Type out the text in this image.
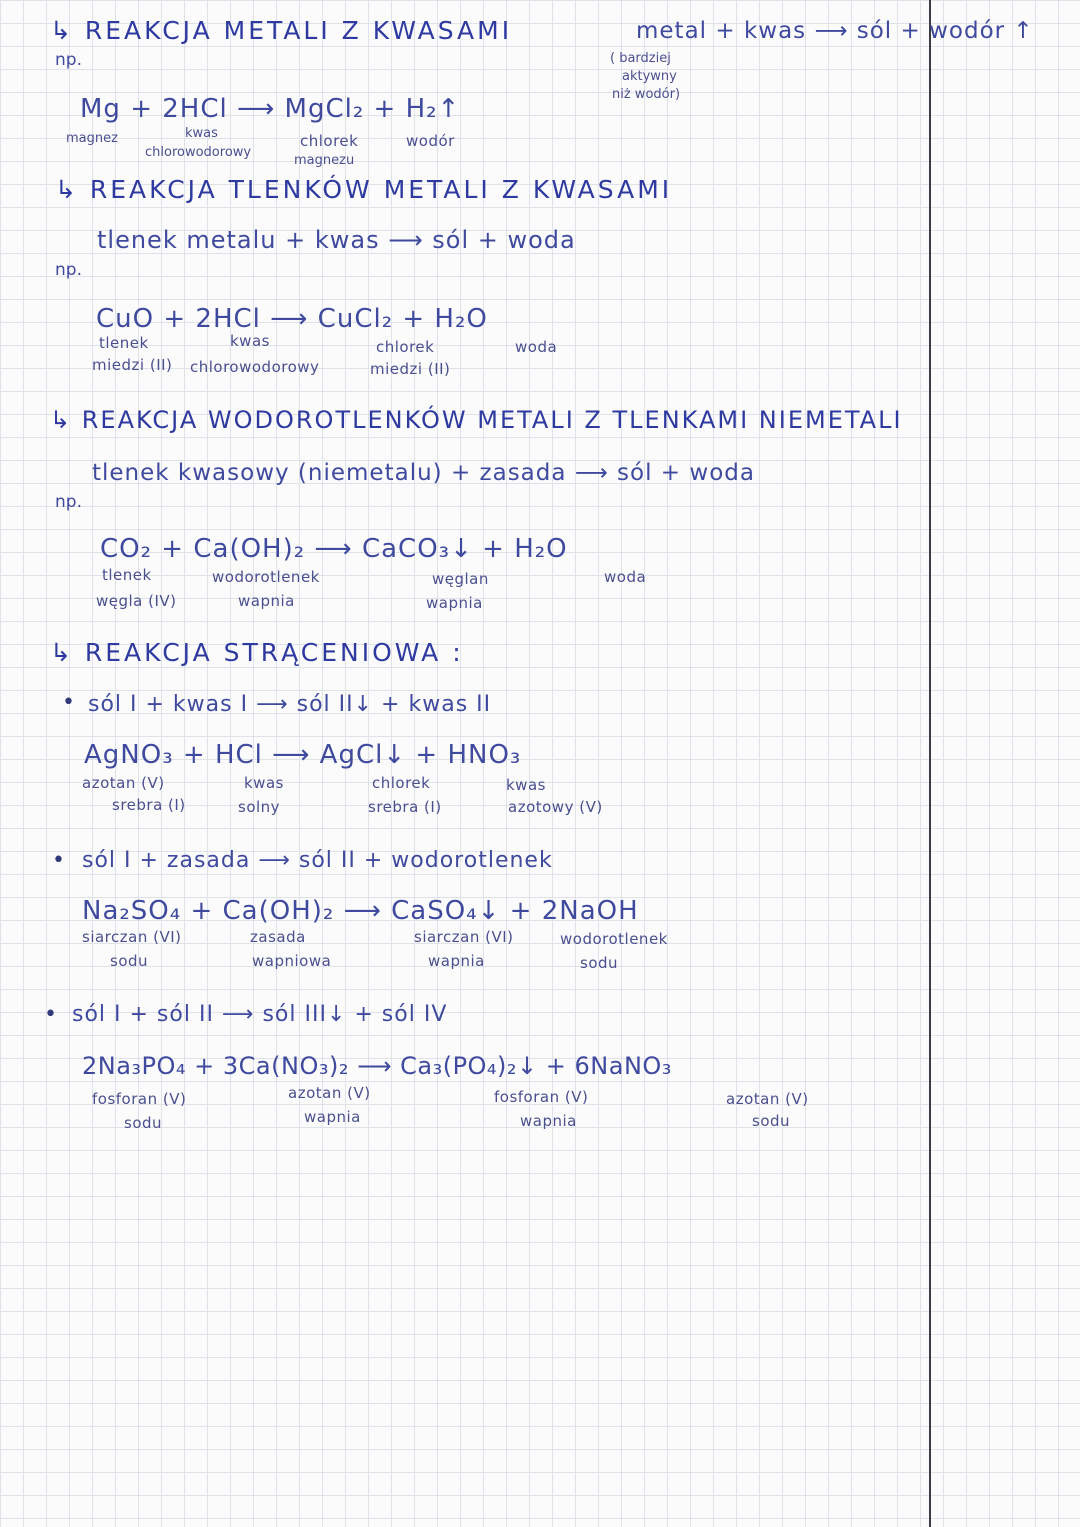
↳ REAKCJA METALI Z KWASAMI	metal + kwas ⟶ sól + wodór ↑
( bardziej
aktywny
niż wodór)
np.
Mg + 2HCl ⟶ MgCl₂ + H₂↑
magnez	kwas
chlorowodorowy
chlorek
magnezu
wodór
↳ REAKCJA TLENKÓW METALI Z KWASAMI
tlenek metalu + kwas ⟶ sól + woda
np.
CuO + 2HCl ⟶ CuCl₂ + H₂O
tlenek
miedzi (II)
kwas
chlorowodorowy
chlorek
miedzi (II)
woda
↳ REAKCJA WODOROTLENKÓW METALI Z TLENKAMI NIEMETALI
tlenek kwasowy (niemetalu) + zasada ⟶ sól + woda
np.
CO₂ + Ca(OH)₂ ⟶ CaCO₃↓ + H₂O
tlenek
węgla (IV)
wodorotlenek
wapnia
węglan
wapnia
woda
↳ REAKCJA STRĄCENIOWA :
• sól I + kwas I ⟶ sól II↓ + kwas II
AgNO₃ + HCl ⟶ AgCl↓ + HNO₃
azotan (V)
srebra (I)
kwas
solny
chlorek
srebra (I)
kwas
azotowy (V)
• sól I + zasada ⟶ sól II + wodorotlenek
Na₂SO₄ + Ca(OH)₂ ⟶ CaSO₄↓ + 2NaOH
siarczan (VI)
sodu
zasada
wapniowa
siarczan (VI)
wapnia
wodorotlenek
sodu
• sól I + sól II ⟶ sól III↓ + sól IV
2Na₃PO₄ + 3Ca(NO₃)₂ ⟶ Ca₃(PO₄)₂↓ + 6NaNO₃
fosforan (V)
sodu
azotan (V)
wapnia
fosforan (V)
wapnia
azotan (V)
sodu
